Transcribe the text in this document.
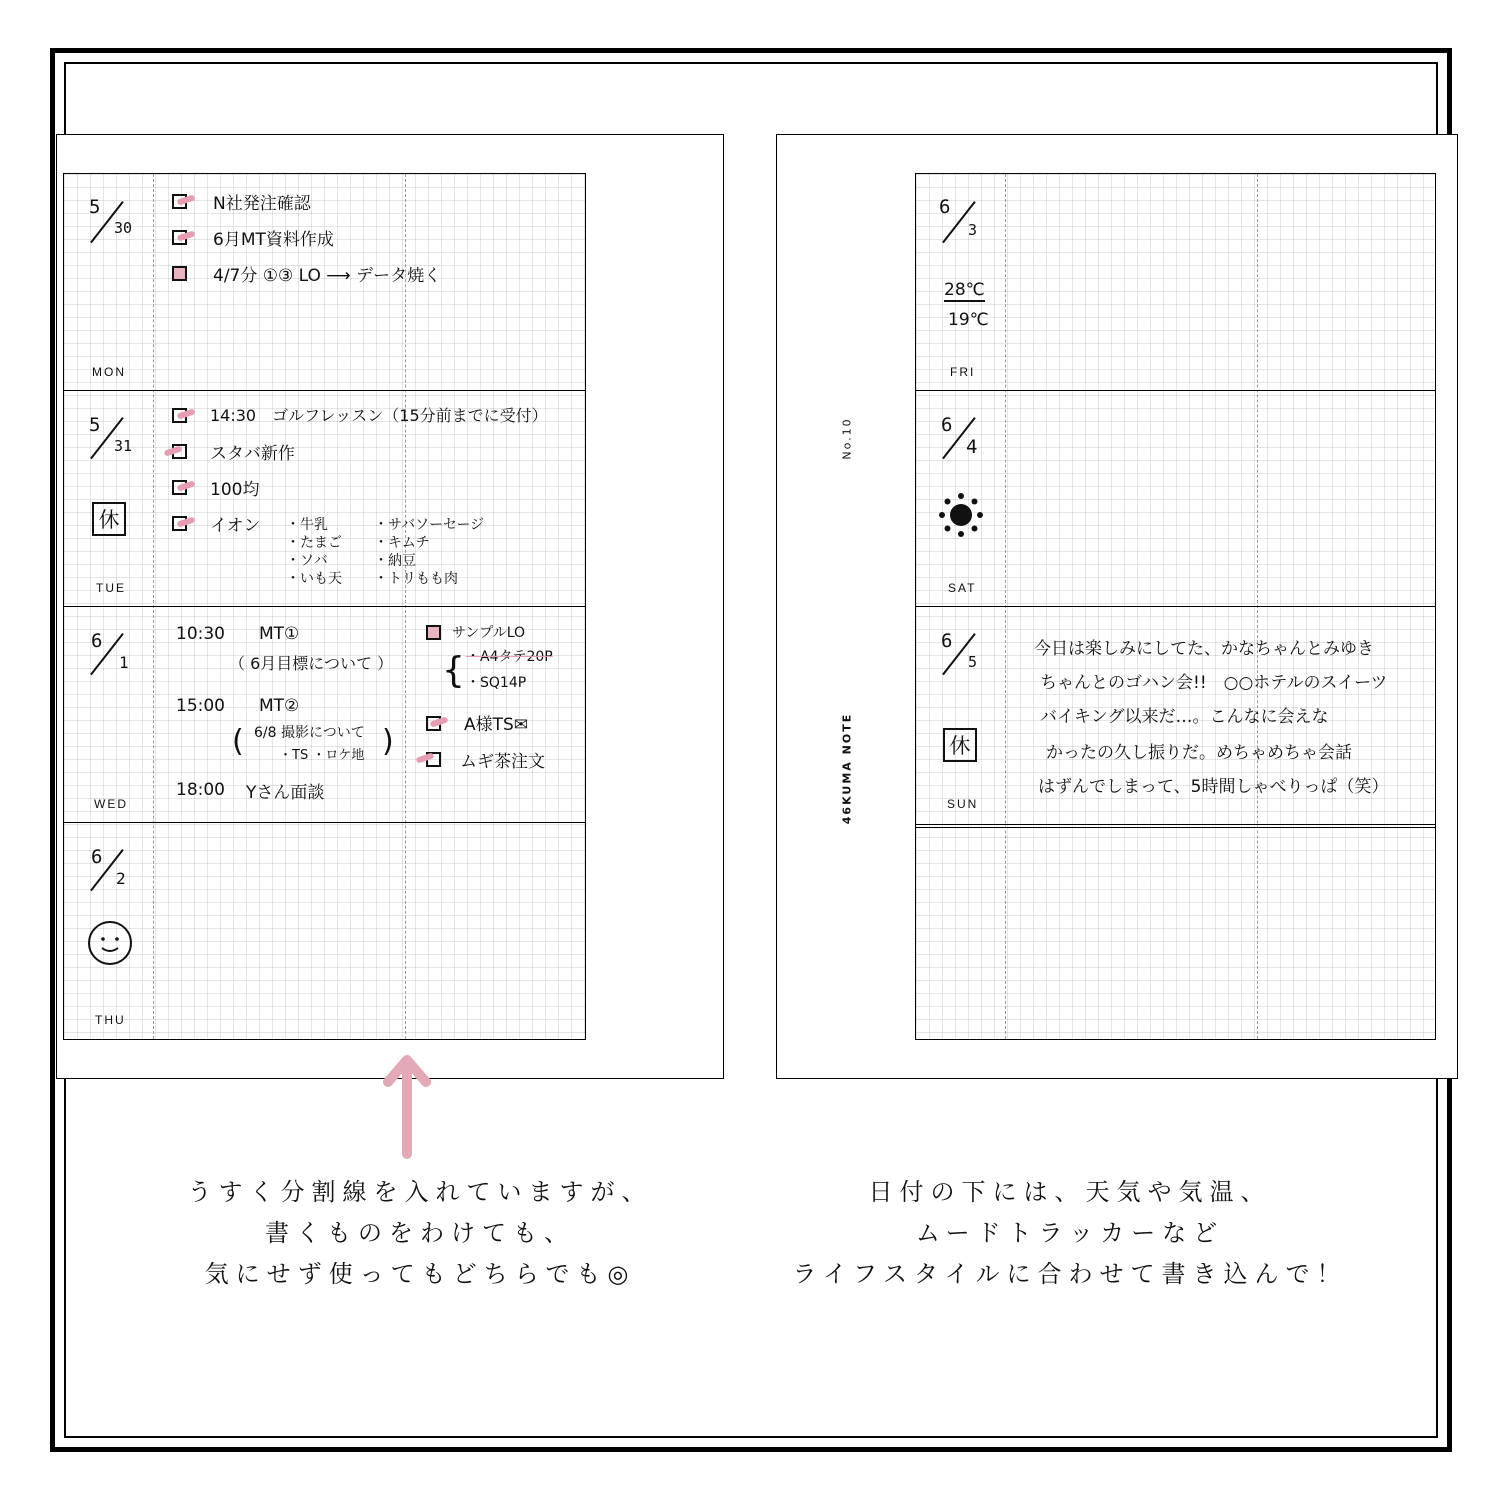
5
30
MON
N社発注確認
6月MT資料作成
4/7分 ①③ LO ⟶ データ焼く
5
31
休
TUE
14:30　ゴルフレッスン（15分前までに受付）
スタバ新作
100均
イオン ・牛乳
・たまご
・ソバ
・いも天
・サバソーセージ
・キムチ
・納豆
・トリもも肉
6
1
WED
10:30 MT①
（ 6月目標について ）
15:00 MT②
( 6/8 撮影について
・TS ・ロケ地 )
18:00 Yさん面談
サンプルLO
{ ・A4タテ20P
・SQ14P
A様TS✉
ムギ茶注文
6
2
THU
6
3
28℃
19℃
FRI
6
4
SAT
6
5
休
SUN
今日は楽しみにしてた、かなちゃんとみゆき
ちゃんとのゴハン会!!　○○ホテルのスイーツ
バイキング以来だ…。こんなに会えな
かったの久し振りだ。めちゃめちゃ会話
はずんでしまって、5時間しゃべりっぱ（笑）
No.10
46KUMA NOTE
うすく分割線を入れていますが、
書くものをわけても、
気にせず使ってもどちらでも◎
日付の下には、天気や気温、
ムードトラッカーなど
ライフスタイルに合わせて書き込んで！
